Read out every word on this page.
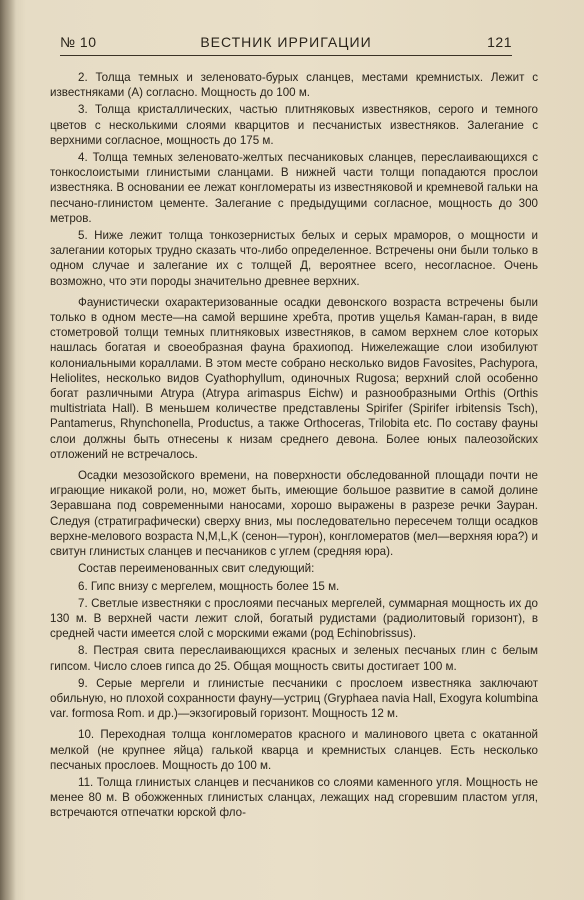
№ 10	ВЕСТНИК ИРРИГАЦИИ	121

2. Толща темных и зеленовато-бурых сланцев, местами кремнистых. Лежит с известняками (А) согласно. Мощность до 100 м.

3. Толща кристаллических, частью плитняковых известняков, серого и темного цветов с несколькими слоями кварцитов и песчанистых известняков. Залегание с верхними согласное, мощность до 175 м.

4. Толща темных зеленовато-желтых песчаниковых сланцев, переслаивающихся с тонкослоистыми глинистыми сланцами. В нижней части толщи попадаются прослои известняка. В основании ее лежат конгломераты из известняковой и кремневой гальки на песчано-глинистом цементе. Залегание с предыдущими согласное, мощность до 300 метров.

5. Ниже лежит толща тонкозернистых белых и серых мраморов, о мощности и залегании которых трудно сказать что-либо определенное. Встречены они были только в одном случае и залегание их с толщей Д, вероятнее всего, несогласное. Очень возможно, что эти породы значительно древнее верхних.

Фаунистически охарактеризованные осадки девонского возраста встречены были только в одном месте—на самой вершине хребта, против ущелья Каман-гаран, в виде стометровой толщи темных плитняковых известняков, в самом верхнем слое которых нашлась богатая и своеобразная фауна брахиопод. Нижележащие слои изобилуют колониальными кораллами. В этом месте собрано несколько видов Favosites, Pachypora, Heliolites, несколько видов Cyathophyllum, одиночных Rugosa; верхний слой особенно богат различными Atrypa (Atrypa arimaspus Eichw) и разнообразными Orthis (Orthis multistriata Hall). В меньшем количестве представлены Spirifer (Spirifer irbitensis Tsch), Pantamerus, Rhynchonella, Productus, а также Orthoceras, Trilobita etc. По составу фауны слои должны быть отнесены к низам среднего девона. Более юных палеозойских отложений не встречалось.

Осадки мезозойского времени, на поверхности обследованной площади почти не играющие никакой роли, но, может быть, имеющие большое развитие в самой долине Зеравшана под современными наносами, хорошо выражены в разрезе речки Зауран. Следуя (стратиграфически) сверху вниз, мы последовательно пересечем толщи осадков верхне-мелового возраста N,M,L,K (сенон—турон), конгломератов (мел—верхняя юра?) и свитун глинистых сланцев и песчаников с углем (средняя юра).

Состав переименованных свит следующий:

6. Гипс внизу с мергелем, мощность более 15 м.

7. Светлые известняки с прослоями песчаных мергелей, суммарная мощность их до 130 м. В верхней части лежит слой, богатый рудистами (радиолитовый горизонт), в средней части имеется слой с морскими ежами (род Echinobrissus).

8. Пестрая свита переслаивающихся красных и зеленых песчаных глин с белым гипсом. Число слоев гипса до 25. Общая мощность свиты достигает 100 м.

9. Серые мергели и глинистые песчаники с прослоем известняка заключают обильную, но плохой сохранности фауну—устриц (Gryphaea navia Hall, Exogyra kolumbina var. formosa Rom. и др.)—экзогировый горизонт. Мощность 12 м.

10. Переходная толща конгломератов красного и малинового цвета с окатанной мелкой (не крупнее яйца) галькой кварца и кремнистых сланцев. Есть несколько песчаных прослоев. Мощность до 100 м.

11. Толща глинистых сланцев и песчаников со слоями каменного угля. Мощность не менее 80 м. В обожженных глинистых сланцах, лежащих над сгоревшим пластом угля, встречаются отпечатки юрской фло-
